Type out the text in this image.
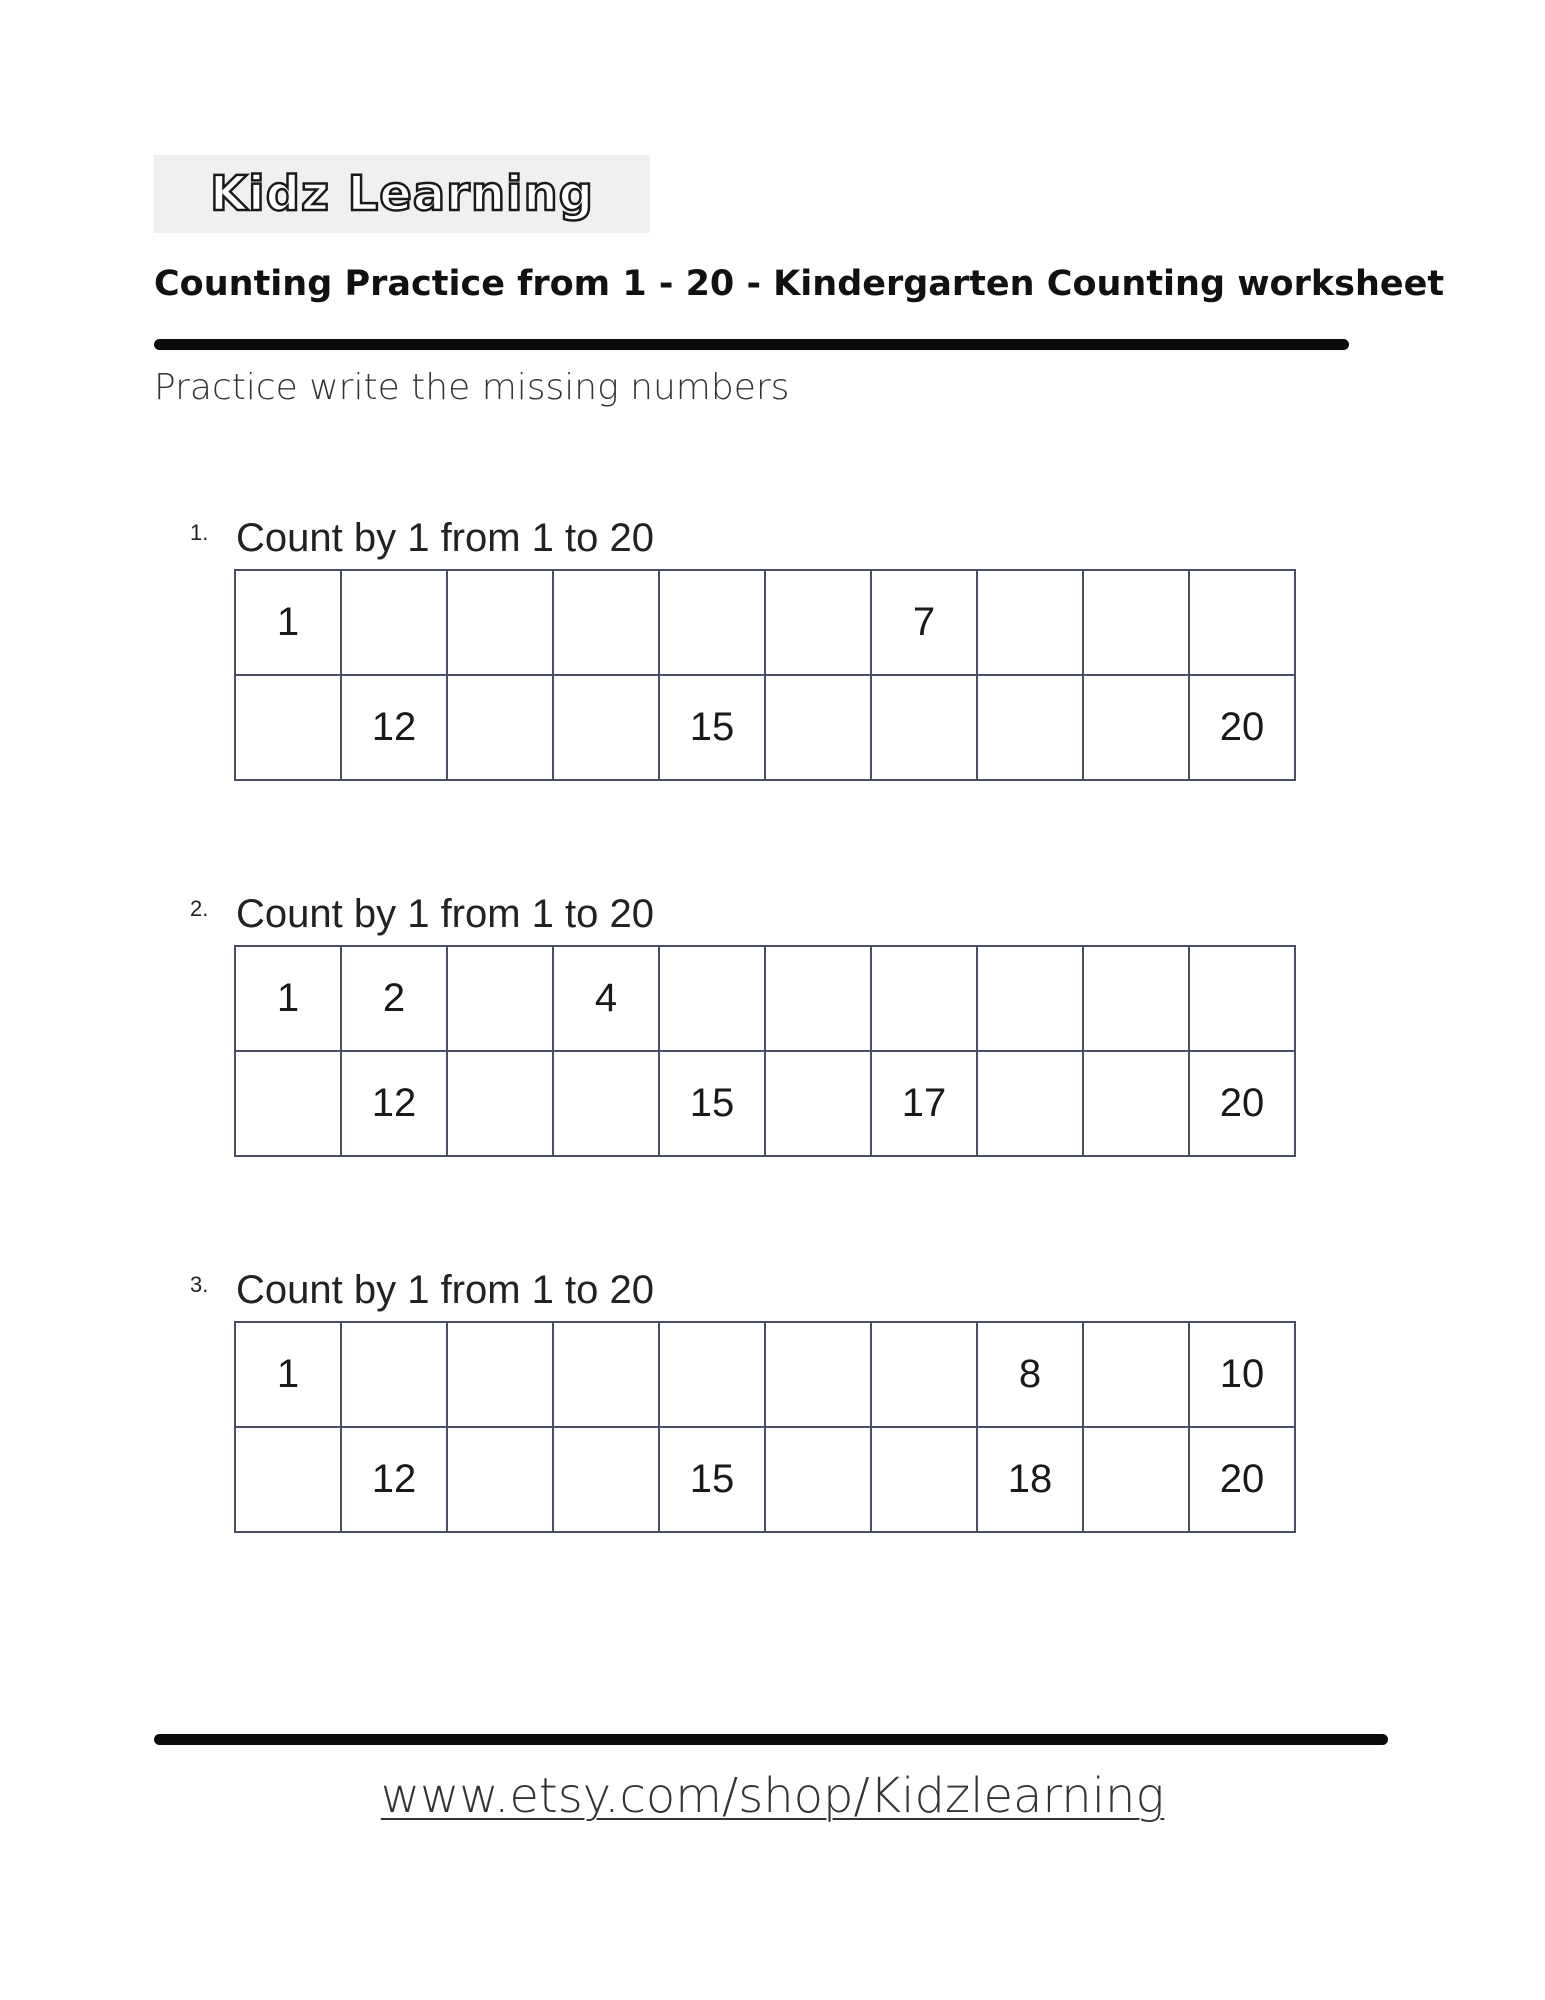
Kidz Learning
Counting Practice from 1 - 20 - Kindergarten Counting worksheet
Practice write the missing numbers
1. Count by 1 from 1 to 20
1						7			
	12			15					20
2. Count by 1 from 1 to 20
1	2		4						
	12			15		17			20
3. Count by 1 from 1 to 20
1							8		10
	12			15			18		20
www.etsy.com/shop/Kidzlearning
